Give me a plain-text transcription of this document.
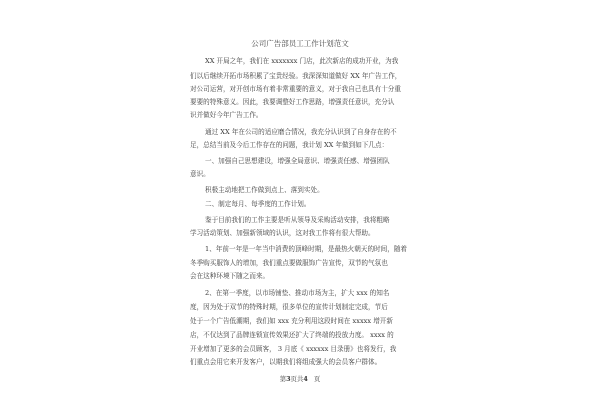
公司广告部员工工作计划范文
XX 开局之年，我们在 xxxxxxx 门店，此次新店的成功开业，为我
们以后继续开拓市场积累了宝贵经验。我深深知道做好 XX 年广告工作，
对公司运营，对开创市场有着非常重要的意义，对于我自己也具有十分重
要要的特殊意义。因此，我要调整好工作思路，增强责任意识，充分认
识并做好今年广告工作。
通过 XX 年在公司的适应磨合情况，我充分认识到了自身存在的不
足，总结当前及今后工作存在的问题，我计划 XX 年做到如下几点：
一、加强自己思想建设，增强全局意识、增强责任感、增强团队
意识。
积极主动地把工作做到点上、落到实处。
二、制定每月、每季度的工作计划。
鉴于目前我们的工作主要是听从领导及采购活动安排，我将粗略
学习活动策划、加强新领域的认识，这对我工作将有很大帮助。
1、年前一年是一年当中消费的顶峰时期，是最热火朝天的时间，随着
冬季购买服饰人的增加，我们重点要做服饰广告宣传，双节的气氛也
会在这种环境下随之而来。
2、在第一季度，以市场铺垫、推动市场为主，扩大 xxx 的知名
度，因为处于双节的特殊时期，很多单位的宣传计划制定完成，节后
处于一个广告低潮期，我们如 xxx 充分利用这段时间在 xxxxx 增开新
店，不仅达到了品牌连锁宣传效果还扩大了终端的投放力度。 xxxx 的
开业增加了更多的会员顾客， 3 月底《 xxxxxx 目录册》也将发行，我
们重点会用它来开发客户，以期我们将组成强大的会员客户群体。
第3页共4 页
